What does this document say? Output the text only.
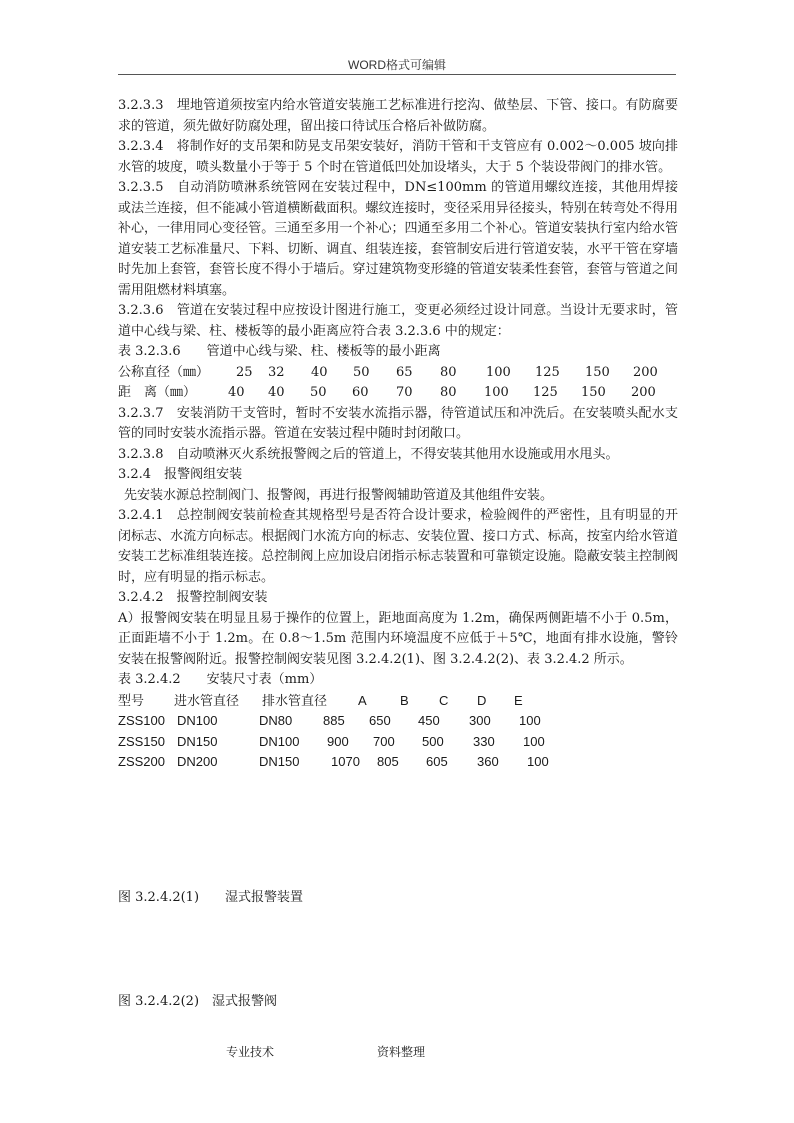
WORD格式可编辑

3.2.3.3　埋地管道须按室内给水管道安装施工艺标准进行挖沟、做垫层、下管、接口。有防腐要求的管道，须先做好防腐处理，留出接口待试压合格后补做防腐。

3.2.3.4　将制作好的支吊架和防晃支吊架安装好，消防干管和干支管应有 0.002～0.005 坡向排水管的坡度，喷头数量小于等于 5 个时在管道低凹处加设堵头，大于 5 个装设带阀门的排水管。

3.2.3.5　自动消防喷淋系统管网在安装过程中，DN≤100mm 的管道用螺纹连接，其他用焊接或法兰连接，但不能减小管道横断截面积。螺纹连接时，变径采用异径接头，特别在转弯处不得用补心，一律用同心变径管。三通至多用一个补心；四通至多用二个补心。管道安装执行室内给水管道安装工艺标准量尺、下料、切断、调直、组装连接，套管制安后进行管道安装，水平干管在穿墙时先加上套管，套管长度不得小于墙后。穿过建筑物变形缝的管道安装柔性套管，套管与管道之间需用阻燃材料填塞。

3.2.3.6　管道在安装过程中应按设计图进行施工，变更必须经过设计同意。当设计无要求时，管道中心线与梁、柱、楼板等的最小距离应符合表 3.2.3.6 中的规定：

表 3.2.3.6　　管道中心线与梁、柱、楼板等的最小距离

公称直径（㎜）	25	32	40	50	65	80	100	125	150	200
距　离（㎜）	40	40	50	60	70	80	100	125	150	200

3.2.3.7　安装消防干支管时，暂时不安装水流指示器，待管道试压和冲洗后。在安装喷头配水支管的同时安装水流指示器。管道在安装过程中随时封闭敞口。

3.2.3.8　自动喷淋灭火系统报警阀之后的管道上，不得安装其他用水设施或用水甩头。

3.2.4　报警阀组安装

先安装水源总控制阀门、报警阀，再进行报警阀辅助管道及其他组件安装。

3.2.4.1　总控制阀安装前检查其规格型号是否符合设计要求，检验阀件的严密性，且有明显的开闭标志、水流方向标志。根据阀门水流方向的标志、安装位置、接口方式、标高，按室内给水管道安装工艺标准组装连接。总控制阀上应加设启闭指示标志装置和可靠锁定设施。隐蔽安装主控制阀时，应有明显的指示标志。

3.2.4.2　报警控制阀安装

A）报警阀安装在明显且易于操作的位置上，距地面高度为 1.2m，确保两侧距墙不小于 0.5m，正面距墙不小于 1.2m。在 0.8～1.5m 范围内环境温度不应低于＋5℃，地面有排水设施，警铃安装在报警阀附近。报警控制阀安装见图 3.2.4.2(1)、图 3.2.4.2(2)、表 3.2.4.2 所示。

表 3.2.4.2　　安装尺寸表（mm）

型号	进水管直径	排水管直径	A	B	C	D	E
ZSS100	DN100	DN80	885	650	450	300	100
ZSS150	DN150	DN100	900	700	500	330	100
ZSS200	DN200	DN150	1070	805	605	360	100

图 3.2.4.2(1)　　湿式报警装置

图 3.2.4.2(2)　湿式报警阀

专业技术	资料整理
